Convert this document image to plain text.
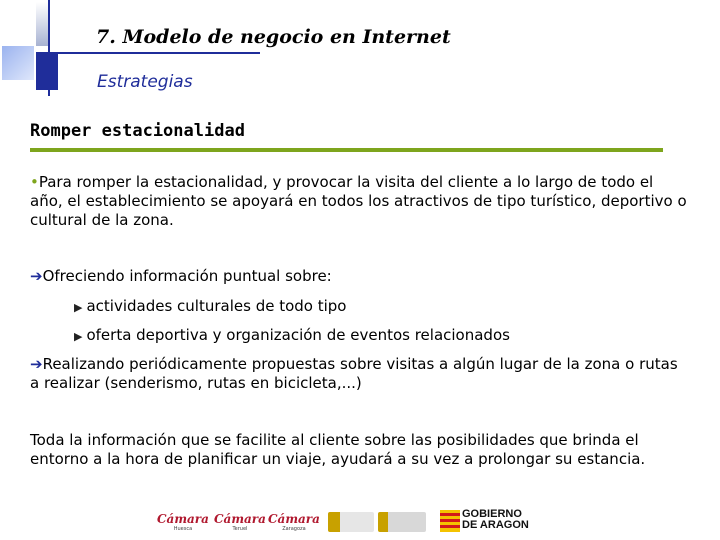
7. Modelo de negocio en Internet
Estrategias
Romper estacionalidad

•Para romper la estacionalidad, y provocar la visita del cliente a lo largo de todo el año, el establecimiento se apoyará en todos los atractivos de tipo turístico, deportivo o cultural de la zona.

➔Ofreciendo información puntual sobre:

▶ actividades culturales de todo tipo
▶ oferta deportiva y organización de eventos relacionados

➔Realizando periódicamente propuestas sobre visitas a algún lugar de la zona o rutas a realizar (senderismo, rutas en bicicleta,...)

Toda la información que se facilite al cliente sobre las posibilidades que brinda el entorno a la hora de planificar un viaje, ayudará a su vez a prolongar su estancia.

Cámara
Huesca
Cámara
Teruel
Cámara
Zaragoza
GOBIERNO
DE ARAGON
